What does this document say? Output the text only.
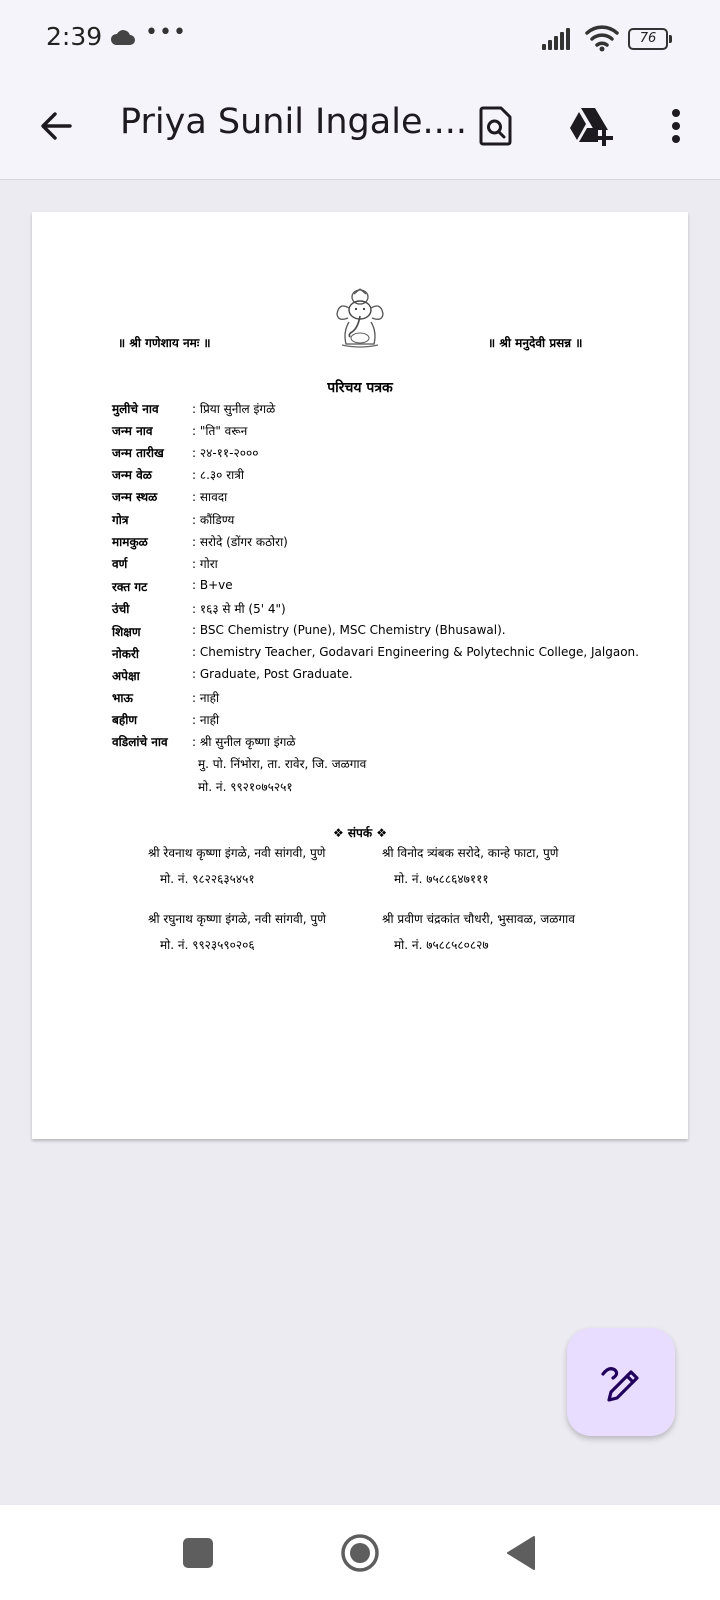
2:39 •••	76
Priya Sunil Ingale....
॥ श्री गणेशाय नमः ॥	॥ श्री मनुदेवी प्रसन्न ॥
परिचय पत्रक
मुलीचे नाव	: प्रिया सुनील इंगळे
जन्म नाव	: "ति" वरून
जन्म तारीख	: २४-११-२०००
जन्म वेळ	: ८.३० रात्री
जन्म स्थळ	: सावदा
गोत्र	: कौंडिण्य
मामकुळ	: सरोदे (डोंगर कठोरा)
वर्ण	: गोरा
रक्त गट	: B+ve
उंची	: १६३ से मी (5' 4")
शिक्षण	: BSC Chemistry (Pune), MSC Chemistry (Bhusawal).
नोकरी	: Chemistry Teacher, Godavari Engineering & Polytechnic College, Jalgaon.
अपेक्षा	: Graduate, Post Graduate.
भाऊ	: नाही
बहीण	: नाही
वडिलांचे नाव	: श्री सुनील कृष्णा इंगळे
मु. पो. निंभोरा, ता. रावेर, जि. जळगाव
मो. नं. ९९२१०७५२५१
❖ संपर्क ❖
श्री रेवनाथ कृष्णा इंगळे, नवी सांगवी, पुणे
मो. नं. ९८२२६३५४५१
श्री विनोद त्र्यंबक सरोदे, कान्हे फाटा, पुणे
मो. नं. ७५८८६४७१११
श्री रघुनाथ कृष्णा इंगळे, नवी सांगवी, पुणे
मो. नं. ९९२३५९०२०६
श्री प्रवीण चंद्रकांत चौधरी, भुसावळ, जळगाव
मो. नं. ७५८८५८०८२७
